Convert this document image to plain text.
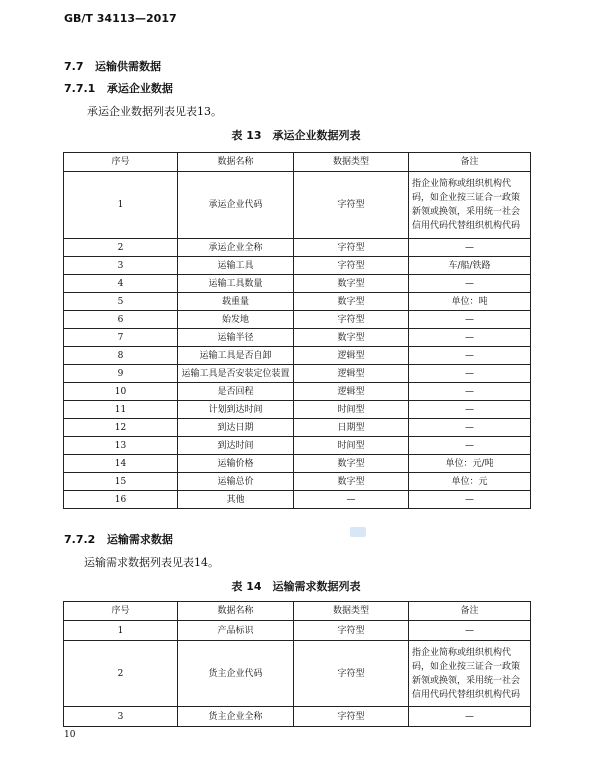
GB/T 34113—2017
7.7 运输供需数据
7.7.1 承运企业数据
承运企业数据列表见表13。
表 13　承运企业数据列表
序号	数据名称	数据类型	备注
1	承运企业代码	字符型	指企业简称或组织机构代码，如企业按三证合一政策新领或换领，采用统一社会信用代码代替组织机构代码
2	承运企业全称	字符型	—
3	运输工具	字符型	车/船/铁路
4	运输工具数量	数字型	—
5	载重量	数字型	单位：吨
6	始发地	字符型	—
7	运输半径	数字型	—
8	运输工具是否自卸	逻辑型	—
9	运输工具是否安装定位装置	逻辑型	—
10	是否回程	逻辑型	—
11	计划到达时间	时间型	—
12	到达日期	日期型	—
13	到达时间	时间型	—
14	运输价格	数字型	单位：元/吨
15	运输总价	数字型	单位：元
16	其他	—	—
7.7.2 运输需求数据
运输需求数据列表见表14。
表 14　运输需求数据列表
序号	数据名称	数据类型	备注
1	产品标识	字符型	—
2	货主企业代码	字符型	指企业简称或组织机构代码，如企业按三证合一政策新领或换领，采用统一社会信用代码代替组织机构代码
3	货主企业全称	字符型	—
10
